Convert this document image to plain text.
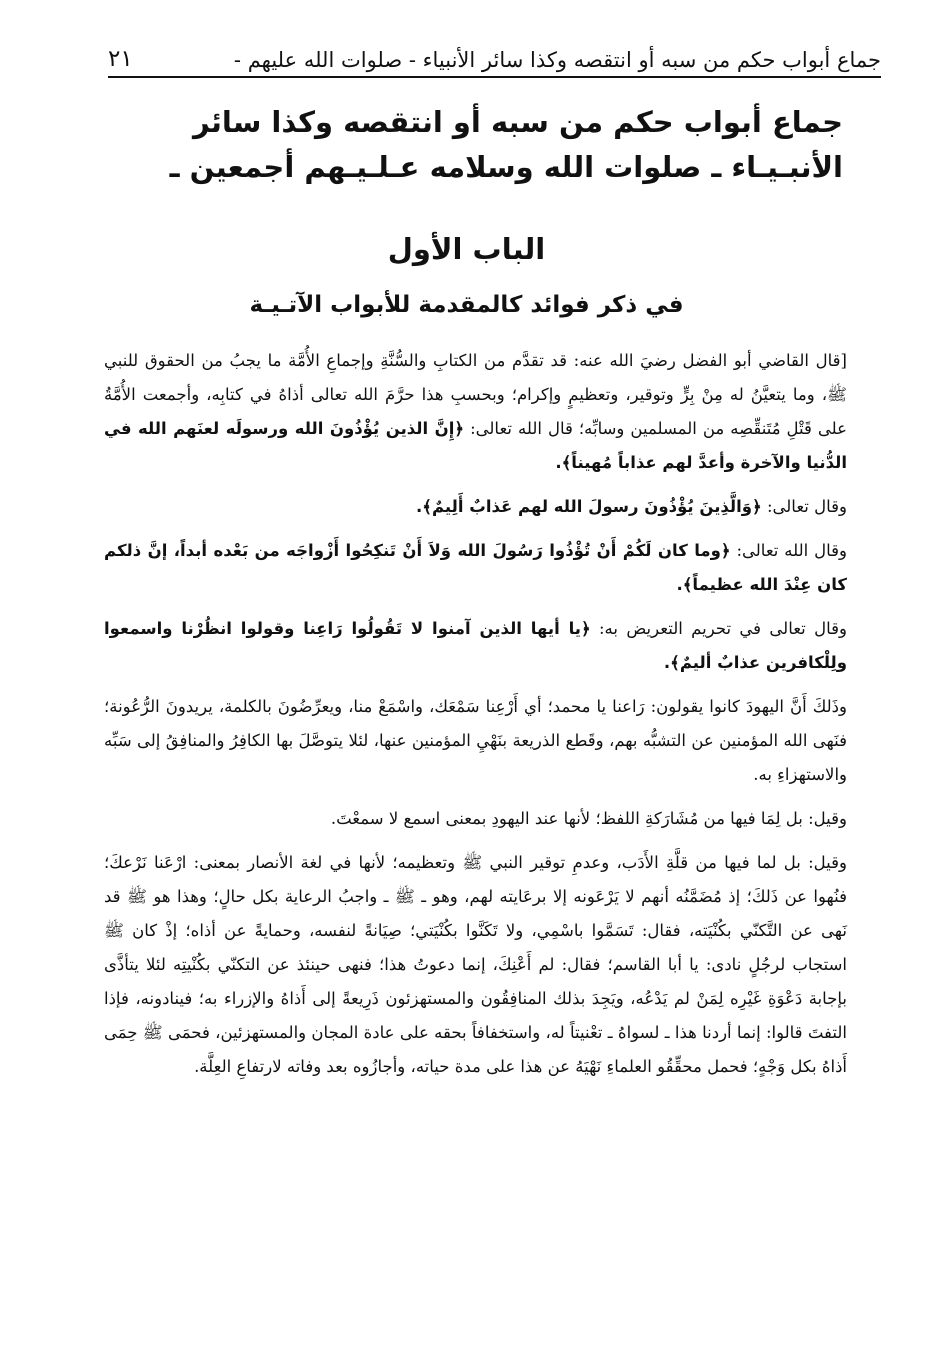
جماع أبواب حكم من سبه أو انتقصه وكذا سائر الأنبياء - صلوات الله عليهم -
٢١
جماع أبواب حكم من سبه أو انتقصه وكذا سائر
الأنبـيـاء ـ صلوات الله وسلامه عـلـيـهم أجمعين ـ
الباب الأول
في ذكر فوائد كالمقدمة للأبواب الآتـيـة

[قال القاضي أبو الفضل رضيَ الله عنه: قد تقدَّم من الكتابِ والسُّنَّةِ وإجماعِ الأُمَّة ما يجبُ من الحقوق للنبي ﷺ، وما يتعيَّنُ له مِنْ بِرٍّ وتوقير، وتعظيمٍ وإكرام؛ وبحسبِ هذا حرَّمَ الله تعالى أذاهُ في كتابِه، وأجمعت الأُمَّةُ على قَتْلِ مُتَنقِّصِه من المسلمين وسابِّه؛ قال الله تعالى: ﴿إِنَّ الذين يُؤْذُونَ الله ورسولَه لعنَهم الله في الدُّنيا والآخرة وأعدَّ لهم عذاباً مُهيناً﴾.

وقال تعالى: ﴿وَالَّذِينَ يُؤْذُونَ رسولَ الله لهم عَذابٌ أَلِيمٌ﴾.

وقال الله تعالى: ﴿وما كان لَكُمْ أَنْ تُؤْذُوا رَسُولَ الله وَلاَ أَنْ تَنكِحُوا أَزْواجَه من بَعْده أبداً، إنَّ ذلكم كان عِنْدَ الله عظيماً﴾.

وقال تعالى في تحريم التعريض به: ﴿يا أيها الذين آمنوا لا تَقُولُوا رَاعِنا وقولوا انظُرْنا واسمعوا ولِلْكافرين عذابٌ أليمٌ﴾.

وذَلكَ أَنَّ اليهودَ كانوا يقولون: رَاعنا يا محمد؛ أي أَرْعِنا سَمْعَك، واسْمَعْ منا، ويعرِّضُونَ بالكلمة، يريدونَ الرُّعُونة؛ فنَهى الله المؤمنين عن التشبُّه بهم، وقَطع الذريعة بنَهْيِ المؤمنين عنها، لئلا يتوصَّلَ بها الكافِرُ والمنافِقُ إلى سَبِّه والاستهزاءِ به.

وقيل: بل لِمَا فيها من مُشَارَكةِ اللفظ؛ لأنها عند اليهودِ بمعنى اسمع لا سمعْتَ.

وقيل: بل لما فيها من قلَّةِ الأَدَب، وعدمِ توقير النبي ﷺ وتعظيمه؛ لأنها في لغة الأنصار بمعنى: ارْعَنا نَرْعكَ؛ فنُهوا عن ذَلكَ؛ إذ مُضَمَّنُه أنهم لا يَرْعَونه إلا برعَايته لهم، وهو ـ ﷺ ـ واجبُ الرعاية بكل حالٍ؛ وهذا هو ﷺ قد نَهى عن التَّكنّي بكُنْيَته، فقال: تَسَمَّوا باسْمِي، ولا تَكَنَّوا بكُنْيَتي؛ صِيَانةً لنفسه، وحمايةً عن أذاه؛ إذْ كان ﷺ استجاب لرجُلٍ نادى: يا أبا القاسم؛ فقال: لم أَعْنِكَ، إنما دعوتُ هذا؛ فنهى حينئذ عن التكنّي بكُنْيتِه لئلا يتأذَّى بإجابة دَعْوَةِ غَيْرِه لِمَنْ لم يَدْعُه، ويَجِدَ بذلك المنافِقُون والمستهزئون ذَرِيعةً إلى أَذاهُ والإزراء به؛ فينادونه، فإذا التفتَ قالوا: إنما أردنا هذا ـ لسواهُ ـ تعْنيتاً له، واستخفافاً بحقه على عادة المجان والمستهزئين، فحمَى ﷺ حِمَى أَذاهُ بكل وَجْهٍ؛ فحمل محقِّقُو العلماءِ نَهْيَهُ عن هذا على مدة حياته، وأجازُوه بعد وفاته لارتفاعِ العِلَّة.
